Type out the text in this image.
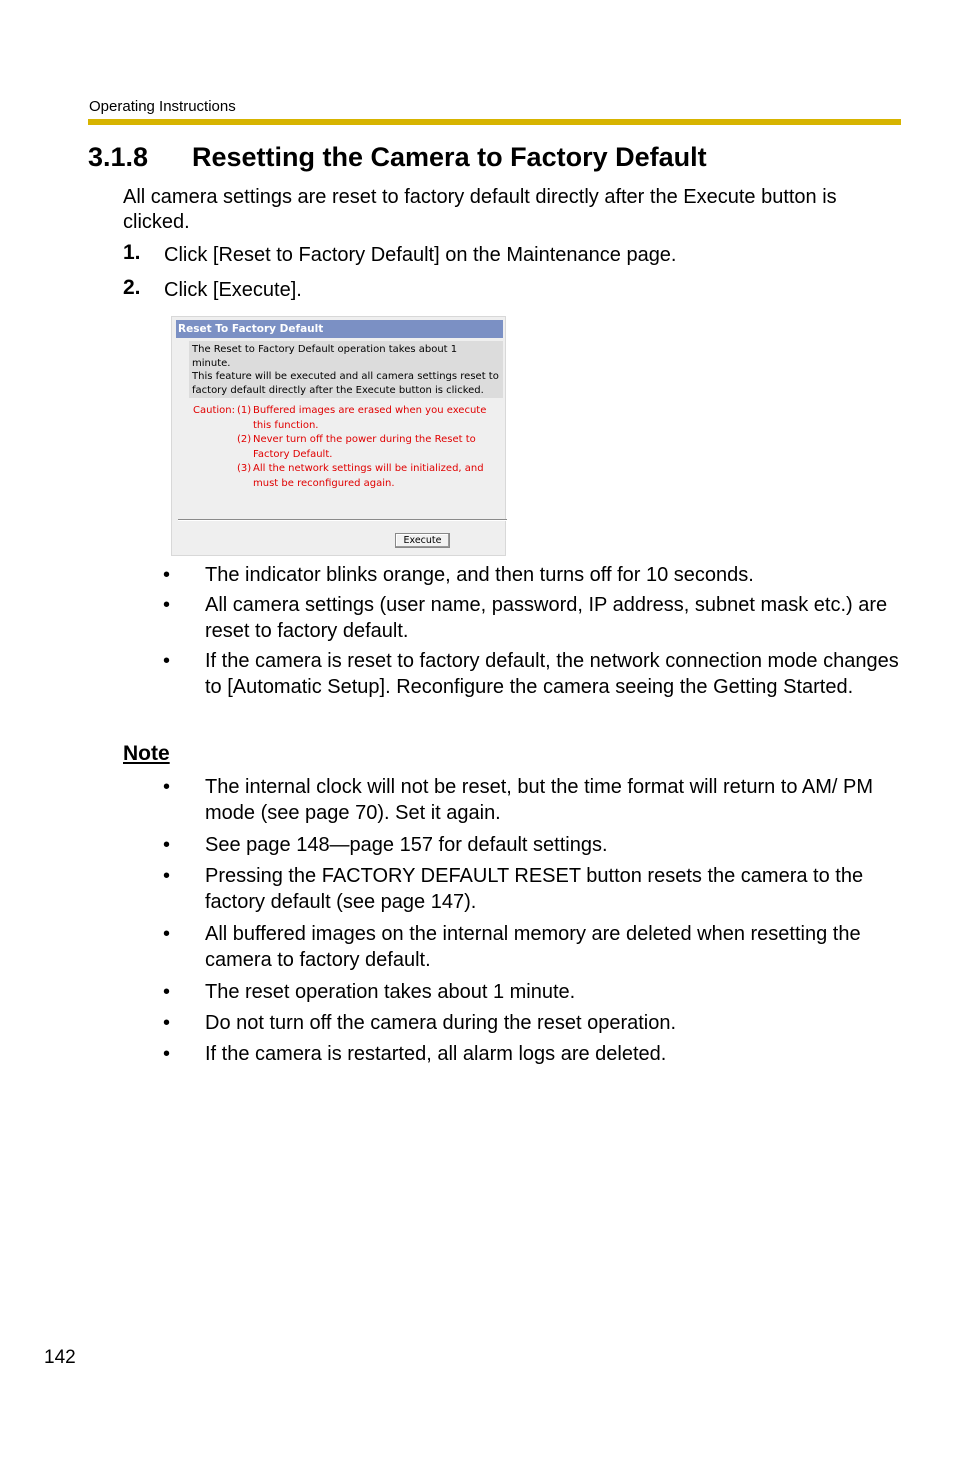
Operating Instructions
3.1.8 Resetting the Camera to Factory Default

All camera settings are reset to factory default directly after the Execute button is clicked.

1. Click [Reset to Factory Default] on the Maintenance page.
2. Click [Execute].
Reset To Factory Default
The Reset to Factory Default operation takes about 1
minute.
This feature will be executed and all camera settings reset to
factory default directly after the Execute button is clicked.
Caution: (1) Buffered images are erased when you execute
this function.
(2) Never turn off the power during the Reset to
Factory Default.
(3) All the network settings will be initialized, and
must be reconfigured again.
Execute
• The indicator blinks orange, and then turns off for 10 seconds.
• All camera settings (user name, password, IP address, subnet mask etc.) are reset to factory default.
• If the camera is reset to factory default, the network connection mode changes to [Automatic Setup]. Reconfigure the camera seeing the Getting Started.
Note
• The internal clock will not be reset, but the time format will return to AM/ PM mode (see page 70). Set it again.
• See page 148—page 157 for default settings.
• Pressing the FACTORY DEFAULT RESET button resets the camera to the factory default (see page 147).
• All buffered images on the internal memory are deleted when resetting the camera to factory default.
• The reset operation takes about 1 minute.
• Do not turn off the camera during the reset operation.
• If the camera is restarted, all alarm logs are deleted.
142
